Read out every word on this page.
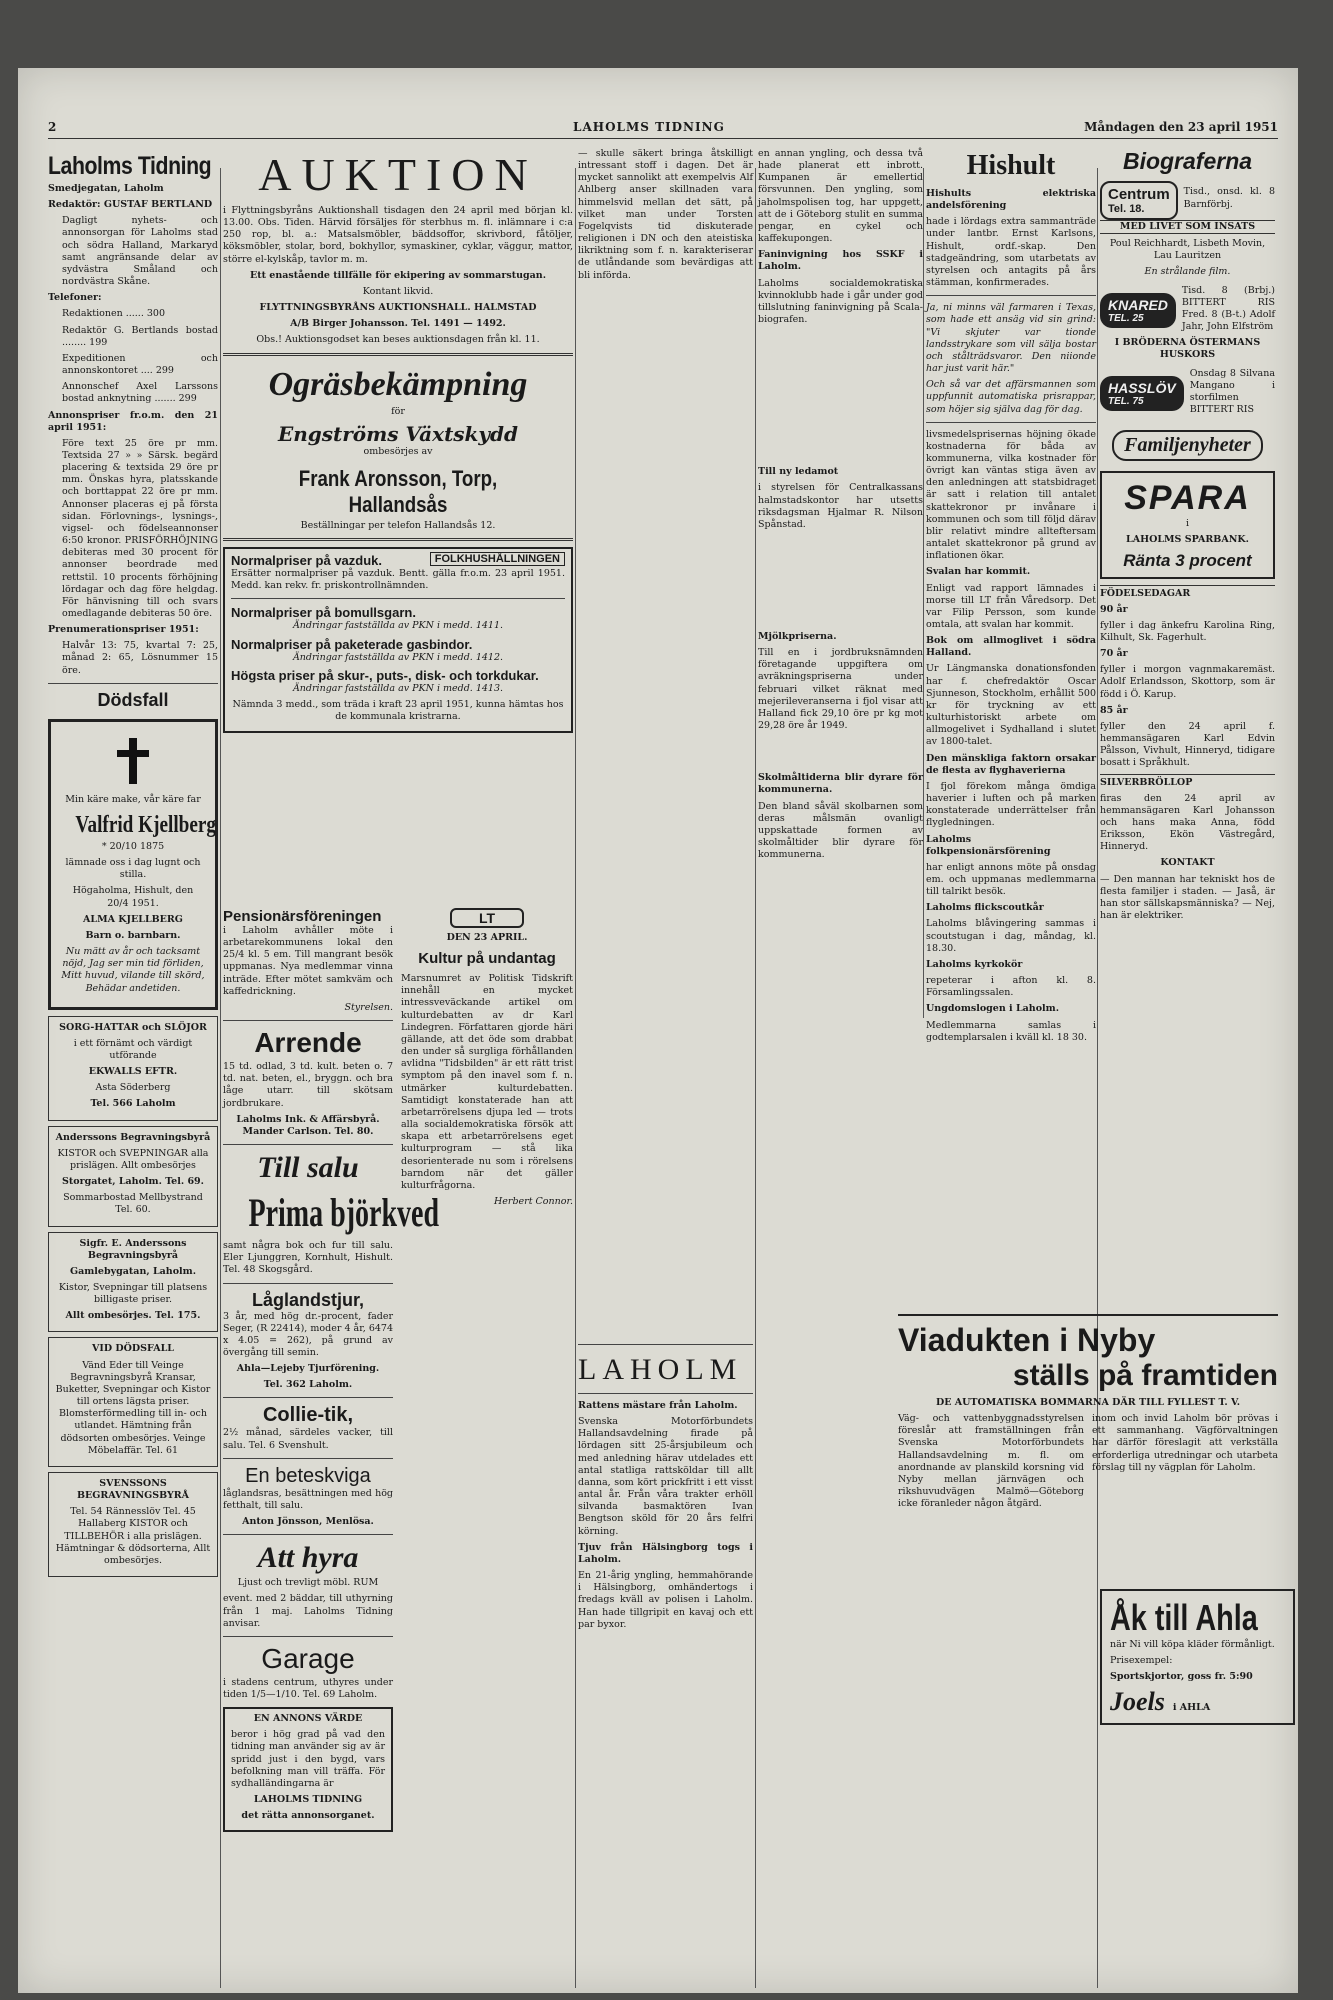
2	LAHOLMS TIDNING	Måndagen den 23 april 1951
Laholms Tidning

Smedjegatan, Laholm

Redaktör: GUSTAF BERTLAND

Dagligt nyhets- och annonsorgan för Laholms stad och södra Halland, Markaryd samt angränsande delar av sydvästra Småland och nordvästra Skåne.

Telefoner:

Redaktionen ...... 300

Redaktör G. Bertlands bostad ........ 199

Expeditionen och annonskontoret .... 299

Annonschef Axel Larssons bostad anknytning ....... 299

Annonspriser fr.o.m. den 21 april 1951:

Före text 25 öre pr mm. Textsida 27 » » Särsk. begärd placering & textsida 29 öre pr mm. Önskas hyra, platsskande och borttappat 22 öre pr mm. Annonser placeras ej på första sidan. Förlovnings-, lysnings-, vigsel- och födelseannonser 6:50 kronor. PRISFÖRHÖJNING debiteras med 30 procent för annonser beordrade med rettstil. 10 procents förhöjning lördagar och dag före helgdag. För hänvisning till och svars omedlagande debiteras 50 öre.

Prenumerationspriser 1951:

Halvår 13: 75, kvartal 7: 25, månad 2: 65, Lösnummer 15 öre.

Dödsfall

Min käre make, vår käre far

Valfrid Kjellberg

* 20/10 1875

lämnade oss i dag lugnt och stilla.

Högaholma, Hishult, den 20/4 1951.

ALMA KJELLBERG

Barn o. barnbarn.

Nu mätt av år och tacksamt nöjd, Jag ser min tid förliden, Mitt huvud, vilande till skörd, Behädar andetiden.

SORG-HATTAR och SLÖJOR

i ett förnämt och värdigt utförande

EKWALLS EFTR.

Asta Söderberg

Tel. 566 Laholm

Anderssons Begravningsbyrå

KISTOR och SVEPNINGAR alla prislägen. Allt ombesörjes

Storgatet, Laholm. Tel. 69.

Sommarbostad Mellbystrand Tel. 60.

Sigfr. E. Anderssons Begravningsbyrå

Gamlebygatan, Laholm.

Kistor, Svepningar till platsens billigaste priser.

Allt ombesörjes. Tel. 175.

VID DÖDSFALL

Vänd Eder till Veinge Begravningsbyrå Kransar, Buketter, Svepningar och Kistor till ortens lägsta priser. Blomsterförmedling till in- och utlandet. Hämtning från dödsorten ombesörjes. Veinge Möbelaffär. Tel. 61

SVENSSONS BEGRAVNINGSBYRÅ

Tel. 54 Rännesslöv Tel. 45 Hallaberg KISTOR och TILLBEHÖR i alla prislägen. Hämtningar & dödsorterna, Allt ombesörjes.

AUKTION

i Flyttningsbyråns Auktionshall tisdagen den 24 april med början kl. 13.00. Obs. Tiden. Härvid försäljes för sterbhus m. fl. inlämnare i c:a 250 rop, bl. a.: Matsalsmöbler, bäddsoffor, skrivbord, fåtöljer, köksmöbler, stolar, bord, bokhyllor, symaskiner, cyklar, väggur, mattor, större el-kylskåp, tavlor m. m.

Ett enastående tillfälle för ekipering av sommarstugan.

Kontant likvid.

FLYTTNINGSBYRÅNS AUKTIONSHALL. HALMSTAD

A/B Birger Johansson. Tel. 1491 — 1492.

Obs.! Auktionsgodset kan beses auktionsdagen från kl. 11.

Ogräsbekämpning

för

Engströms Växtskydd

ombesörjes av

Frank Aronsson, Torp, Hallandsås

Beställningar per telefon Hallandsås 12.

Normalpriser på vazduk.	FOLKHUSHÅLLNINGEN

Ersätter normalpriser på vazduk. Bentt. gälla fr.o.m. 23 april 1951. Medd. kan rekv. fr. priskontrollnämnden.

Normalpriser på bomullsgarn.

Ändringar fastställda av PKN i medd. 1411.

Normalpriser på paketerade gasbindor.

Ändringar fastställda av PKN i medd. 1412.

Högsta priser på skur-, puts-, disk- och torkdukar.

Ändringar fastställda av PKN i medd. 1413.

Nämnda 3 medd., som träda i kraft 23 april 1951, kunna hämtas hos de kommunala kristrarna.

Pensionärsföreningen

i Laholm avhåller möte i arbetarekommunens lokal den 25/4 kl. 5 em. Till mangrant besök uppmanas. Nya medlemmar vinna inträde. Efter mötet samkväm och kaffedrickning.

Styrelsen.

Arrende

15 td. odlad, 3 td. kult. beten o. 7 td. nat. beten, el., bryggn. och bra låge utarr. till skötsam jordbrukare.

Laholms Ink. & Affärsbyrå. Mander Carlson. Tel. 80.

Till salu
Prima björkved

samt några bok och fur till salu. Eler Ljunggren, Kornhult, Hishult. Tel. 48 Skogsgård.

Låglandstjur,

3 år, med hög dr.-procent, fader Seger, (R 22414), moder 4 år, 6474 x 4.05 = 262), på grund av övergång till semin.

Ahla—Lejeby Tjurförening.

Tel. 362 Laholm.

Collie-tik,

2½ månad, särdeles vacker, till salu. Tel. 6 Svenshult.

En beteskviga

låglandsras, besättningen med hög fetthalt, till salu.

Anton Jönsson, Menlösa.

Att hyra

Ljust och trevligt möbl. RUM

event. med 2 bäddar, till uthyrning från 1 maj. Laholms Tidning anvisar.

Garage

i stadens centrum, uthyres under tiden 1/5—1/10. Tel. 69 Laholm.

EN ANNONS VÄRDE

beror i hög grad på vad den tidning man använder sig av är spridd just i den bygd, vars befolkning man vill träffa. För sydhalländingarna är

LAHOLMS TIDNING

det rätta annonsorganet.

LT

DEN 23 APRIL.

Kultur på undantag

Marsnumret av Politisk Tidskrift innehåll en mycket intressveväckande artikel om kulturdebatten av dr Karl Lindegren. Författaren gjorde häri gällande, att det öde som drabbat den under så surgliga förhållanden avlidna "Tidsbilden" är ett rätt trist symptom på den inavel som f. n. utmärker kulturdebatten. Samtidigt konstaterade han att arbetarrörelsens djupa led — trots alla socialdemokratiska försök att skapa ett arbetarrörelsens eget kulturprogram — stå lika desorienterade nu som i rörelsens barndom när det gäller kulturfrågorna.

Herbert Connor.

— skulle säkert bringa åtskilligt intressant stoff i dagen. Det är mycket sannolikt att exempelvis Alf Ahlberg anser skillnaden vara himmelsvid mellan det sätt, på vilket man under Torsten Fogelqvists tid diskuterade religionen i DN och den ateistiska likriktning som f. n. karakteriserar de utlåndande som bevärdigas att bli införda.

LAHOLM

Rattens mästare från Laholm.

Svenska Motorförbundets Hallandsavdelning firade på lördagen sitt 25-årsjubileum och med anledning härav utdelades ett antal statliga rattsköldar till allt danna, som kört prickfritt i ett visst antal år. Från våra trakter erhöll silvanda basmaktören Ivan Bengtson sköld för 20 års felfri körning.

Tjuv från Hälsingborg togs i Laholm.

En 21-årig yngling, hemmahörande i Hälsingborg, omhändertogs i fredags kväll av polisen i Laholm. Han hade tillgripit en kavaj och ett par byxor.

en annan yngling, och dessa två hade planerat ett inbrott. Kumpanen är emellertid försvunnen. Den yngling, som jaholmspolisen tog, har uppgett, att de i Göteborg stulit en summa pengar, en cykel och kaffekupongen.

Faninvigning hos SSKF i Laholm.

Laholms socialdemokratiska kvinnoklubb hade i går under god tillslutning faninvigning på Scala-biografen.

Till ny ledamot

i styrelsen för Centralkassans halmstadskontor har utsetts riksdagsman Hjalmar R. Nilson Spånstad.

Mjölkpriserna.

Till en i jordbruksnämnden företagande uppgiftera om avräkningspriserna under februari vilket räknat med mejerileveranserna i fjol visar att Halland fick 29,10 öre pr kg mot 29,28 öre år 1949.

Skolmåltiderna blir dyrare för kommunerna.

Den bland såväl skolbarnen som deras målsmän ovanligt uppskattade formen av skolmåltider blir dyrare för kommunerna.

Hishult

Hishults elektriska andelsförening

hade i lördags extra sammanträde under lantbr. Ernst Karlsons, Hishult, ordf.-skap. Den stadgeändring, som utarbetats av styrelsen och antagits på års stämman, konfirmerades.

Ja, ni minns väl farmaren i Texas, som hade ett ansäg vid sin grind: "Vi skjuter var tionde landsstrykare som vill sälja bostar och stålträdsvaror. Den niionde har just varit här."

Och så var det affärsmannen som uppfunnit automatiska prisrappar, som höjer sig själva dag för dag.

livsmedelsprisernas höjning ökade kostnaderna för båda av kommunerna, vilka kostnader för övrigt kan väntas stiga även av den anledningen att statsbidraget är satt i relation till antalet skattekronor pr invånare i kommunen och som till följd därav blir relativt mindre allteftersam antalet skattekronor på grund av inflationen ökar.

Svalan har kommit.

Enligt vad rapport lämnades i morse till LT från Våredsorp. Det var Filip Persson, som kunde omtala, att svalan har kommit.

Bok om allmoglivet i södra Halland.

Ur Längmanska donationsfonden har f. chefredaktör Oscar Sjunneson, Stockholm, erhållit 500 kr för tryckning av ett kulturhistoriskt arbete om allmogelivet i Sydhalland i slutet av 1800-talet.

Den mänskliga faktorn orsakar de flesta av flyghaverierna

I fjol förekom många ömdiga haverier i luften och på marken konstaterade underrättelser från flygledningen.

Laholms folkpensionärsförening

har enligt annons möte på onsdag em. och uppmanas medlemmarna till talrikt besök.

Laholms flickscoutkår

Laholms blåvingering sammas i scoutstugan i dag, måndag, kl. 18.30.

Laholms kyrkokör

repeterar i afton kl. 8. Församlingssalen.

Ungdomslogen i Laholm.

Medlemmarna samlas i godtemplarsalen i kväll kl. 18 30.

Biograferna
Centrum
Tel. 18.

Tisd., onsd. kl. 8 Barnförbj.

MED LIVET SOM INSATS

Poul Reichhardt, Lisbeth Movin, Lau Lauritzen

En strålande film.

KNARED
TEL. 25

Tisd. 8 (Brbj.) BITTERT RIS Fred. 8 (B-t.) Adolf Jahr, John Elfström

I BRÖDERNA ÖSTERMANS HUSKORS

HASSLÖV
TEL. 75

Onsdag 8 Silvana Mangano i storfilmen BITTERT RIS

Familjenyheter
SPARA

i

LAHOLMS SPARBANK.

Ränta 3 procent

FÖDELSEDAGAR

90 år

fyller i dag änkefru Karolina Ring, Kilhult, Sk. Fagerhult.

70 år

fyller i morgon vagnmakaremäst. Adolf Erlandsson, Skottorp, som är född i Ö. Karup.

85 år

fyller den 24 april f. hemmansägaren Karl Edvin Pålsson, Vivhult, Hinneryd, tidigare bosatt i Språkhult.

SILVERBRÖLLOP

firas den 24 april av hemmansägaren Karl Johansson och hans maka Anna, född Eriksson, Ekön Västregård, Hinneryd.

KONTAKT

— Den mannan har tekniskt hos de flesta familjer i staden. — Jaså, är han stor sällskapsmänniska? — Nej, han är elektriker.

Viadukten i Nyby
ställs på framtiden

DE AUTOMATISKA BOMMARNA DÄR TILL FYLLEST T. V.

Väg- och vattenbyggnadsstyrelsen föreslår att framställningen från Svenska Motorförbundets Hallandsavdelning m. fl. om anordnande av planskild korsning vid Nyby mellan järnvägen och rikshuvudvägen Malmö—Göteborg icke föranleder någon åtgärd.

inom och invid Laholm bör prövas i ett sammanhang. Vägförvaltningen har därför föreslagit att verkställa erforderliga utredningar och utarbeta förslag till ny vägplan för Laholm.

Åk till Ahla

när Ni vill köpa kläder förmånligt.

Prisexempel:

Sportskjortor, goss fr. 5:90

Joels i AHLA
